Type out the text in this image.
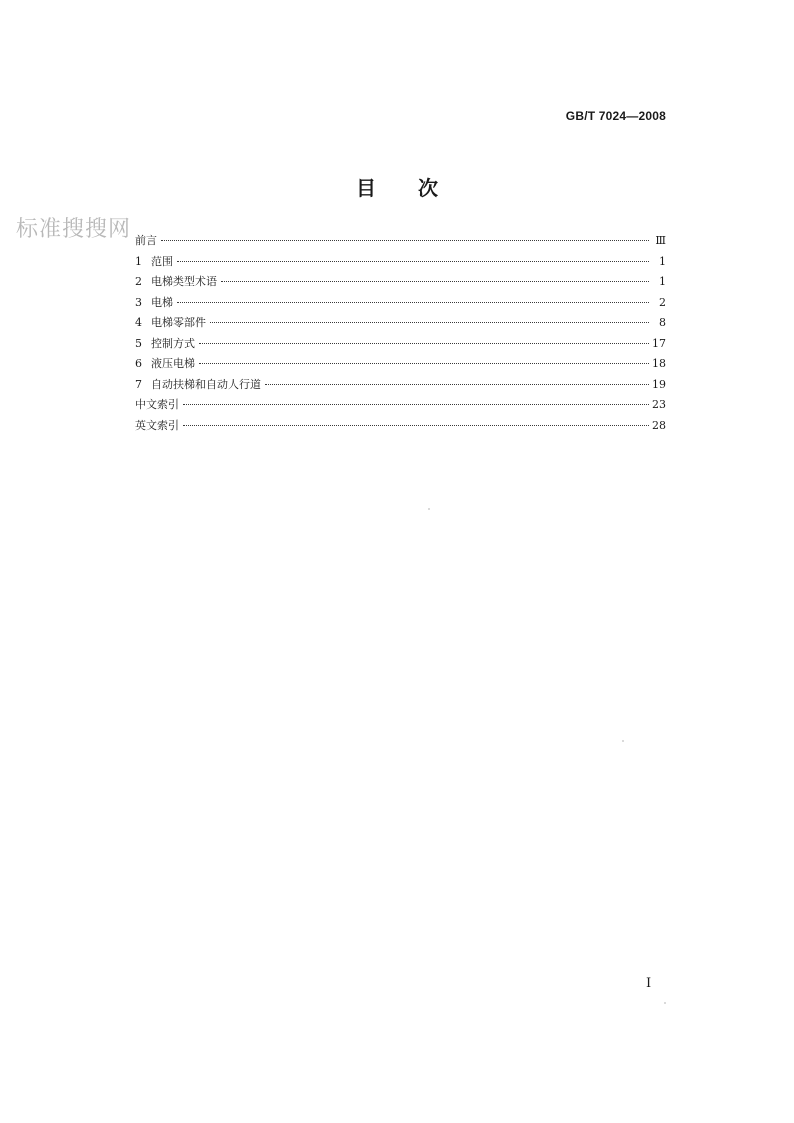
GB/T 7024—2008
目次
标准搜搜网 前言	Ⅲ
1 范围	1
2 电梯类型术语	1
3 电梯	2
4 电梯零部件	8
5 控制方式	17
6 液压电梯	18
7 自动扶梯和自动人行道	19
中文索引	23
英文索引	28
I
